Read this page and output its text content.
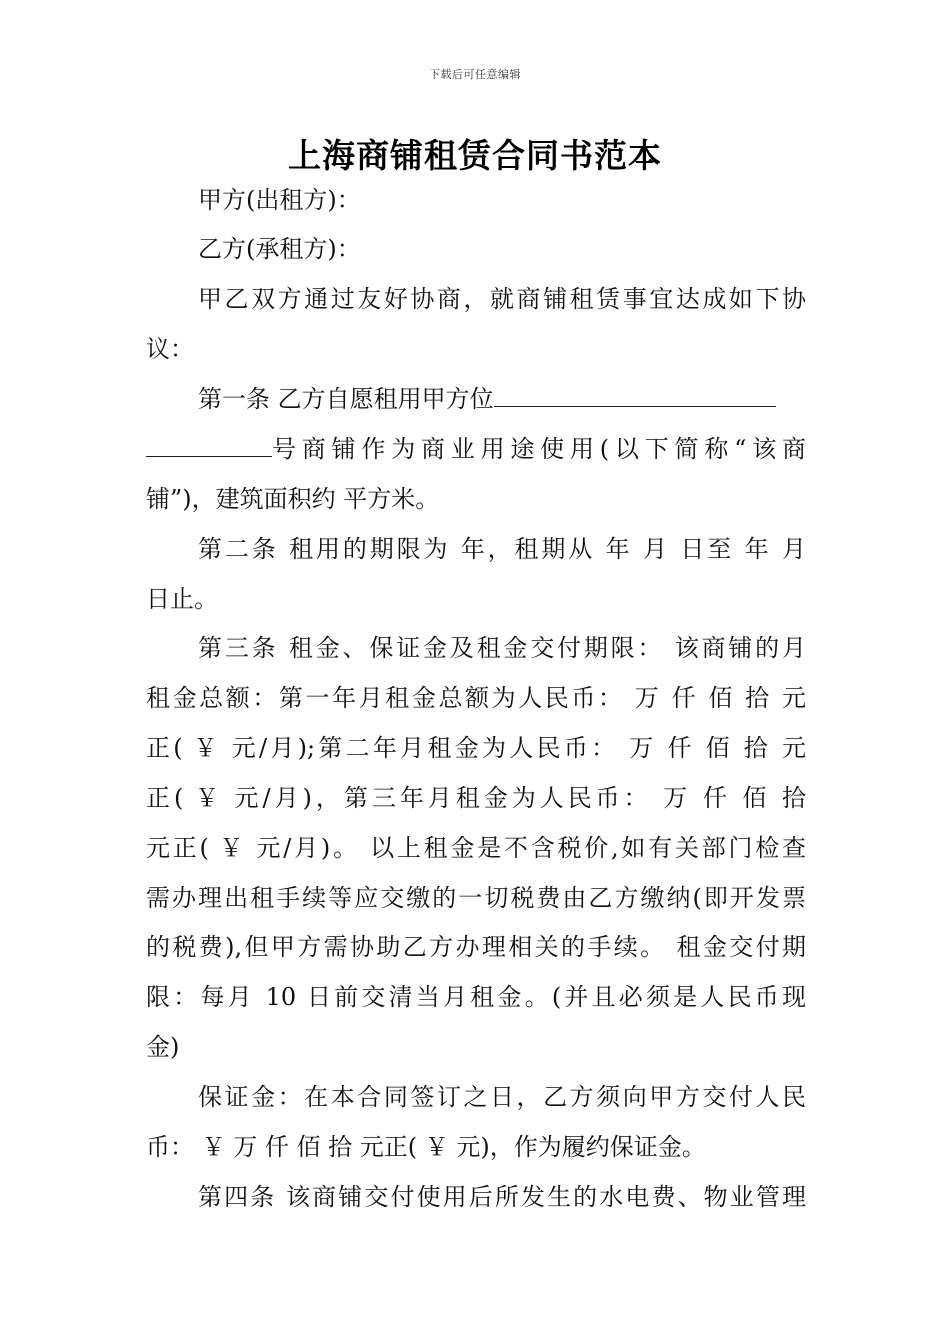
下载后可任意编辑
上海商铺租赁合同书范本
甲方(出租方)：
乙方(承租方)：
甲乙双方通过友好协商，就商铺租赁事宜达成如下协
议：
第一条 乙方自愿租用甲方位
号商铺作为商业用途使用(以下简称“该商
铺”)，建筑面积约 平方米。
第二条 租用的期限为 年，租期从 年 月 日至 年 月
日止。
第三条 租金、保证金及租金交付期限： 该商铺的月
租金总额：第一年月租金总额为人民币： 万 仟 佰 拾 元
正( ￥ 元/月);第二年月租金为人民币： 万 仟 佰 拾 元
正( ￥ 元/月)，第三年月租金为人民币： 万 仟 佰 拾
元正( ￥ 元/月)。 以上租金是不含税价,如有关部门检查
需办理出租手续等应交缴的一切税费由乙方缴纳(即开发票
的税费),但甲方需协助乙方办理相关的手续。 租金交付期
限：每月 10 日前交清当月租金。(并且必须是人民币现
金)
保证金：在本合同签订之日，乙方须向甲方交付人民
币： ￥ 万 仟 佰 拾 元正( ￥ 元)，作为履约保证金。
第四条 该商铺交付使用后所发生的水电费、物业管理
